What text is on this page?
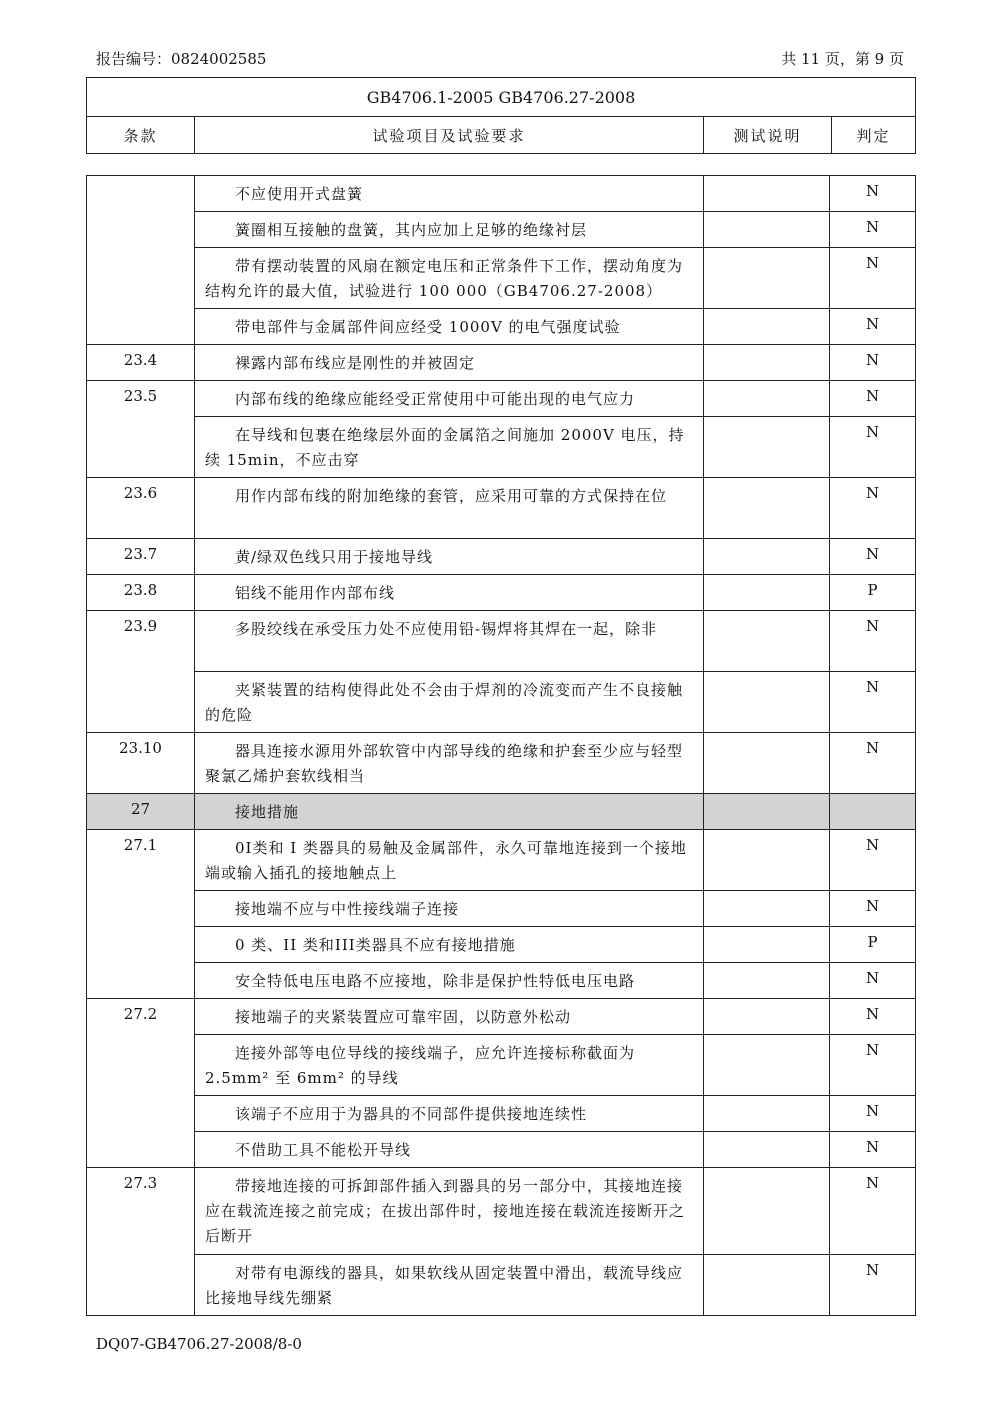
报告编号：0824002585	共 11 页，第 9 页
GB4706.1-2005 GB4706.27-2008
条款	试验项目及试验要求	测试说明	判定
	不应使用开式盘簧		N
	簧圈相互接触的盘簧，其内应加上足够的绝缘衬层		N
	带有摆动装置的风扇在额定电压和正常条件下工作，摆动角度为结构允许的最大值，试验进行 100 000（GB4706.27-2008）		N
	带电部件与金属部件间应经受 1000V 的电气强度试验		N
23.4	裸露内部布线应是刚性的并被固定		N
23.5	内部布线的绝缘应能经受正常使用中可能出现的电气应力		N
	在导线和包裹在绝缘层外面的金属箔之间施加 2000V 电压，持续 15min，不应击穿		N
23.6	用作内部布线的附加绝缘的套管，应采用可靠的方式保持在位		N
23.7	黄/绿双色线只用于接地导线		N
23.8	铝线不能用作内部布线		P
23.9	多股绞线在承受压力处不应使用铅-锡焊将其焊在一起，除非		N
	夹紧装置的结构使得此处不会由于焊剂的冷流变而产生不良接触的危险		N
23.10	器具连接水源用外部软管中内部导线的绝缘和护套至少应与轻型聚氯乙烯护套软线相当		N
27	接地措施		
27.1	0I类和 I 类器具的易触及金属部件，永久可靠地连接到一个接地端或输入插孔的接地触点上		N
	接地端不应与中性接线端子连接		N
	0 类、II 类和III类器具不应有接地措施		P
	安全特低电压电路不应接地，除非是保护性特低电压电路		N
27.2	接地端子的夹紧装置应可靠牢固，以防意外松动		N
	连接外部等电位导线的接线端子，应允许连接标称截面为 2.5mm² 至 6mm² 的导线		N
	该端子不应用于为器具的不同部件提供接地连续性		N
	不借助工具不能松开导线		N
27.3	带接地连接的可拆卸部件插入到器具的另一部分中，其接地连接应在载流连接之前完成；在拔出部件时，接地连接在载流连接断开之后断开		N
	对带有电源线的器具，如果软线从固定装置中滑出，载流导线应比接地导线先绷紧		N
DQ07-GB4706.27-2008/8-0
